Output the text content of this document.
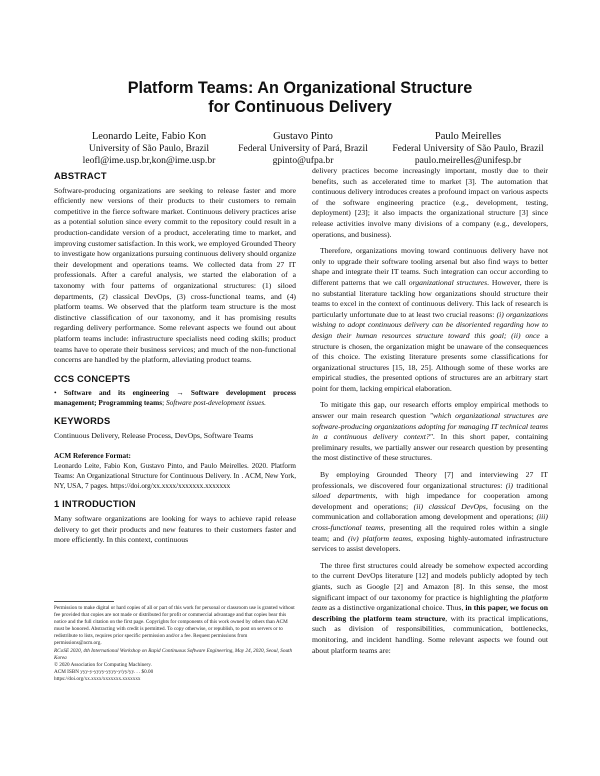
Platform Teams: An Organizational Structure
for Continuous Delivery
Leonardo Leite, Fabio Kon
University of São Paulo, Brazil
leofl@ime.usp.br,kon@ime.usp.br
Gustavo Pinto
Federal University of Pará, Brazil
gpinto@ufpa.br
Paulo Meirelles
Federal University of São Paulo, Brazil
paulo.meirelles@unifesp.br
ABSTRACT

Software-producing organizations are seeking to release faster and more efficiently new versions of their products to their customers to remain competitive in the fierce software market. Continuous delivery practices arise as a potential solution since every commit to the repository could result in a production-candidate version of a product, accelerating time to market, and improving customer satisfaction. In this work, we employed Grounded Theory to investigate how organizations pursuing continuous delivery should organize their development and operations teams. We collected data from 27 IT professionals. After a careful analysis, we started the elaboration of a taxonomy with four patterns of organizational structures: (1) siloed departments, (2) classical DevOps, (3) cross-functional teams, and (4) platform teams. We observed that the platform team structure is the most distinctive classification of our taxonomy, and it has promising results regarding delivery performance. Some relevant aspects we found out about platform teams include: infrastructure specialists need coding skills; product teams have to operate their business services; and much of the non-functional concerns are handled by the platform, alleviating product teams.

CCS CONCEPTS

• Software and its engineering → Software development process management; Programming teams; Software post-development issues.

KEYWORDS

Continuous Delivery, Release Process, DevOps, Software Teams

ACM Reference Format:

Leonardo Leite, Fabio Kon, Gustavo Pinto, and Paulo Meirelles. 2020. Platform Teams: An Organizational Structure for Continuous Delivery. In . ACM, New York, NY, USA, 7 pages. https://doi.org/xx.xxxx/xxxxxxx.xxxxxxx

1 INTRODUCTION

Many software organizations are looking for ways to achieve rapid release delivery to get their products and new features to their customers faster and more efficiently. In this context, continuous

Permission to make digital or hard copies of all or part of this work for personal or classroom use is granted without fee provided that copies are not made or distributed for profit or commercial advantage and that copies bear this notice and the full citation on the first page. Copyrights for components of this work owned by others than ACM must be honored. Abstracting with credit is permitted. To copy otherwise, or republish, to post on servers or to redistribute to lists, requires prior specific permission and/or a fee. Request permissions from permissions@acm.org.
RCoSE 2020, 4th International Workshop on Rapid Continuous Software Engineering, May 24, 2020, Seoul, South Korea
© 2020 Association for Computing Machinery.
ACM ISBN yyy-y-yyyy-yyyy-y/yy/yy. . . $0.00
https://doi.org/xx.xxxx/xxxxxxx.xxxxxxx

delivery practices become increasingly important, mostly due to their benefits, such as accelerated time to market [3]. The automation that continuous delivery introduces creates a profound impact on various aspects of the software engineering practice (e.g., development, testing, deployment) [23]; it also impacts the organizational structure [3] since release activities involve many divisions of a company (e.g., developers, operations, and business).

Therefore, organizations moving toward continuous delivery have not only to upgrade their software tooling arsenal but also find ways to better shape and integrate their IT teams. Such integration can occur according to different patterns that we call organizational structures. However, there is no substantial literature tackling how organizations should structure their teams to excel in the context of continuous delivery. This lack of research is particularly unfortunate due to at least two crucial reasons: (i) organizations wishing to adopt continuous delivery can be disoriented regarding how to design their human resources structure toward this goal; (ii) once a structure is chosen, the organization might be unaware of the consequences of this choice. The existing literature presents some classifications for organizational structures [15, 18, 25]. Although some of these works are empirical studies, the presented options of structures are an arbitrary start point for them, lacking empirical elaboration.

To mitigate this gap, our research efforts employ empirical methods to answer our main research question "which organizational structures are software-producing organizations adopting for managing IT technical teams in a continuous delivery context?". In this short paper, containing preliminary results, we partially answer our research question by presenting the most distinctive of these structures.

By employing Grounded Theory [7] and interviewing 27 IT professionals, we discovered four organizational structures: (i) traditional siloed departments, with high impedance for cooperation among development and operations; (ii) classical DevOps, focusing on the communication and collaboration among development and operations; (iii) cross-functional teams, presenting all the required roles within a single team; and (iv) platform teams, exposing highly-automated infrastructure services to assist developers.

The three first structures could already be somehow expected according to the current DevOps literature [12] and models publicly adopted by tech giants, such as Google [2] and Amazon [8]. In this sense, the most significant impact of our taxonomy for practice is highlighting the platform team as a distinctive organizational choice. Thus, in this paper, we focus on describing the platform team structure, with its practical implications, such as division of responsibilities, communication, bottlenecks, monitoring, and incident handling. Some relevant aspects we found out about platform teams are:
